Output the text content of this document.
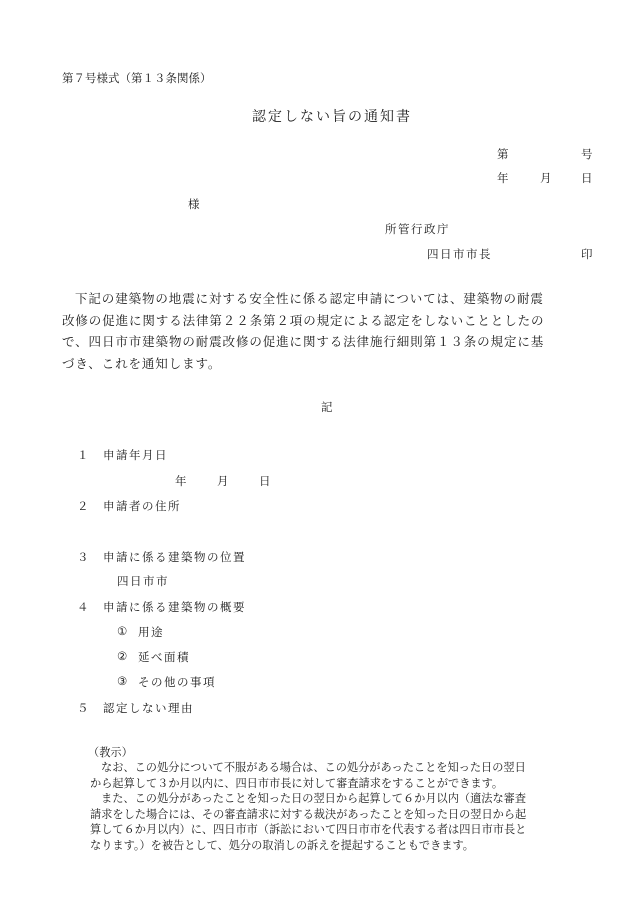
第７号様式（第１３条関係）
認定しない旨の通知書
第	号
年	月	日
様
所管行政庁
四日市市長	印
下記の建築物の地震に対する安全性に係る認定申請については、建築物の耐震
改修の促進に関する法律第２２条第２項の規定による認定をしないこととしたの
で、四日市市建築物の耐震改修の促進に関する法律施行細則第１３条の規定に基
づき、これを通知します。
記
１ 申請年月日
年	月	日
２ 申請者の住所
３ 申請に係る建築物の位置
四日市市
４ 申請に係る建築物の概要
① 用途
② 延べ面積
③ その他の事項
５ 認定しない理由
（教示）
なお、この処分について不服がある場合は、この処分があったことを知った日の翌日
から起算して３か月以内に、四日市市長に対して審査請求をすることができます。
また、この処分があったことを知った日の翌日から起算して６か月以内（適法な審査
請求をした場合には、その審査請求に対する裁決があったことを知った日の翌日から起
算して６か月以内）に、四日市市（訴訟において四日市市を代表する者は四日市市長と
なります。）を被告として、処分の取消しの訴えを提起することもできます。
